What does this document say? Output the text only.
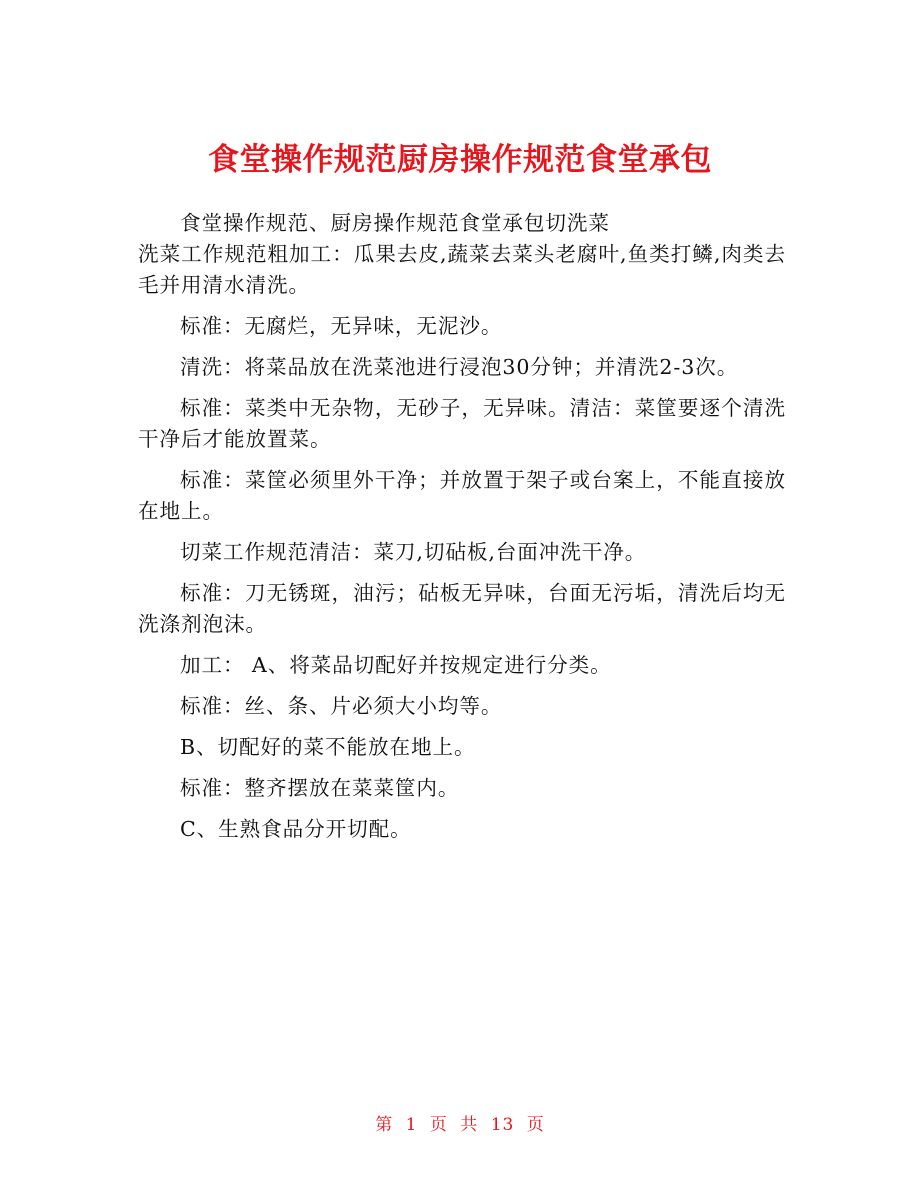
食堂操作规范厨房操作规范食堂承包

食堂操作规范、厨房操作规范食堂承包切洗菜

洗菜工作规范粗加工：瓜果去皮,蔬菜去菜头老腐叶,鱼类打鳞,肉类去毛并用清水清洗。

标准：无腐烂，无异味，无泥沙。

清洗：将菜品放在洗菜池进行浸泡30分钟；并清洗2-3次。

标准：菜类中无杂物，无砂子，无异味。清洁：菜筐要逐个清洗干净后才能放置菜。

标准：菜筐必须里外干净；并放置于架子或台案上，不能直接放在地上。

切菜工作规范清洁：菜刀,切砧板,台面冲洗干净。

标准：刀无锈斑，油污；砧板无异味，台面无污垢，清洗后均无洗涤剂泡沫。

加工： A、将菜品切配好并按规定进行分类。

标准：丝、条、片必须大小均等。

B、切配好的菜不能放在地上。

标准：整齐摆放在菜菜筐内。

C、生熟食品分开切配。

第 1 页 共 13 页
